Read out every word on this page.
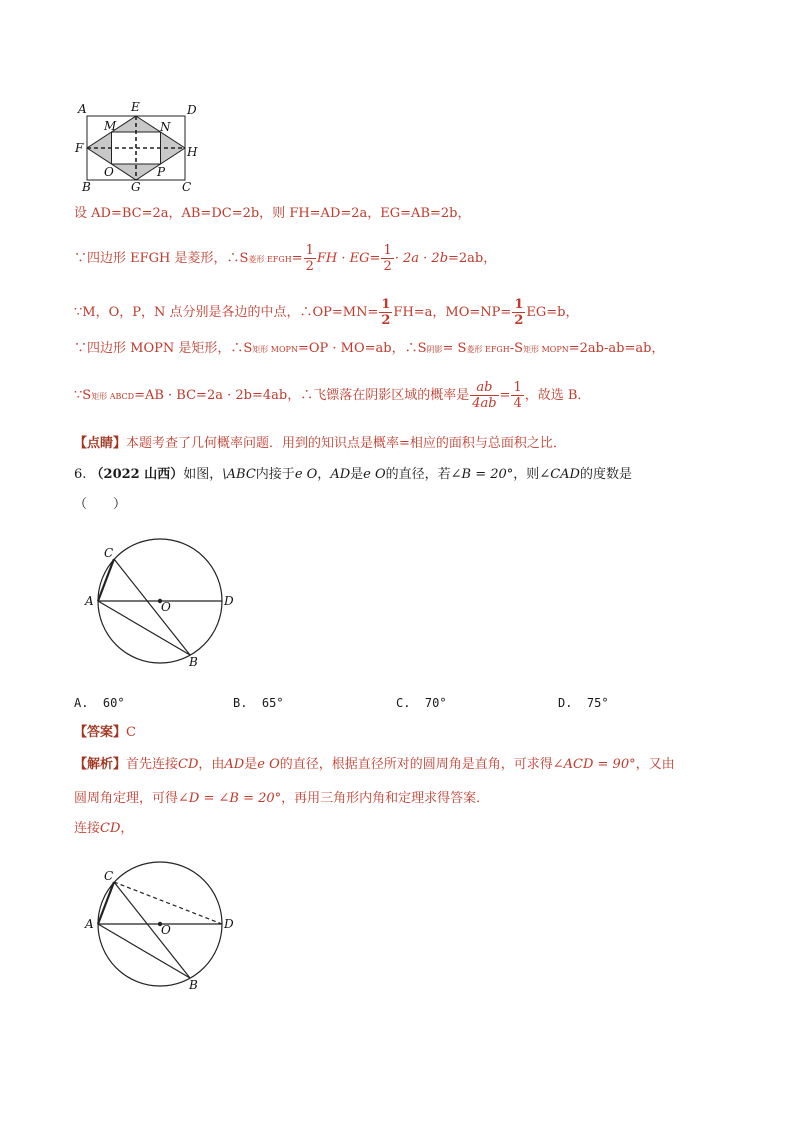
A	E	D
M	N
F	H
O	P
B	G	C
设 AD=BC=2a，AB=DC=2b，则 FH=AD=2a，EG=AB=2b，
∵四边形 EFGH 是菱形，∴S菱形 EFGH= $\frac{1}{2}$ FH · $EG= \frac{1}{2} \cdot 2a \cdot 2b=2ab$，
∵M，O，P，N 点分别是各边的中点，∴OP=MN= $\frac{1}{2} FH=a$，$MO=NP= \frac{1}{2} EG=b$，
∵四边形 MOPN 是矩形，∴S矩形 MOPN=OP · MO=ab，∴S阴影= S菱形 EFGH-S矩形 MOPN=2ab-ab=ab，
∵S矩形 ABCD=AB · BC=2a · 2b=4ab，∴飞镖落在阴影区域的概率是 $\frac{ab}{4ab} = \frac{1}{4}$ ，故选 B．
【点睛】本题考查了几何概率问题．用到的知识点是概率=相应的面积与总面积之比．
6. （2022 山西）如图，\ABC内接于e O，AD是e O的直径，若∠B = 20°，则∠CAD的度数是
（　　）
C
A	O	D
B
A. 60°	B. 65°	C. 70°	D. 75°
【答案】C
【解析】首先连接CD，由AD是e O的直径，根据直径所对的圆周角是直角，可求得∠ACD = 90°，又由
圆周角定理，可得∠D = ∠B = 20°，再用三角形内角和定理求得答案．
连接CD，
C
A	O	D
B
